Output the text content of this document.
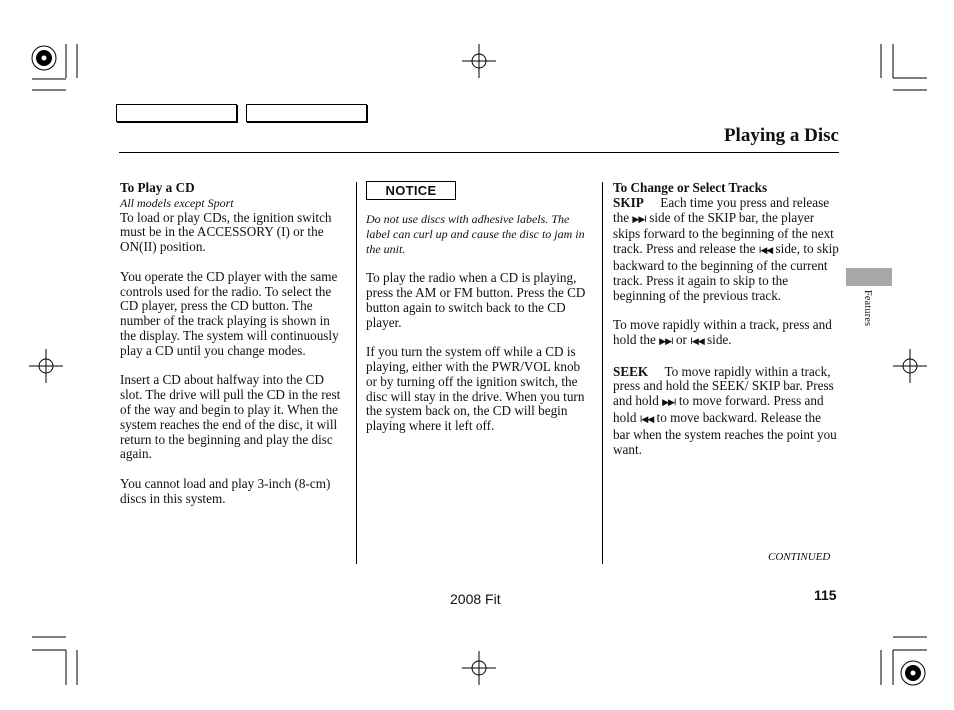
Playing a Disc
Features
To Play a CD
All models except Sport

To load or play CDs, the ignition switch must be in the ACCESSORY (I) or the ON(II) position.

You operate the CD player with the same controls used for the radio. To select the CD player, press the CD button. The number of the track playing is shown in the display. The system will continuously play a CD until you change modes.

Insert a CD about halfway into the CD slot. The drive will pull the CD in the rest of the way and begin to play it. When the system reaches the end of the disc, it will return to the beginning and play the disc again.

You cannot load and play 3-inch (8-cm) discs in this system.

NOTICE

Do not use discs with adhesive labels. The label can curl up and cause the disc to jam in the unit.

To play the radio when a CD is playing, press the AM or FM button. Press the CD button again to switch back to the CD player.

If you turn the system off while a CD is playing, either with the PWR/VOL knob or by turning off the ignition switch, the disc will stay in the drive. When you turn the system back on, the CD will begin playing where it left off.

To Change or Select Tracks

SKIP Each time you press and release the ▶▶I side of the SKIP bar, the player skips forward to the beginning of the next track. Press and release the I◀◀ side, to skip backward to the beginning of the current track. Press it again to skip to the beginning of the previous track.

To move rapidly within a track, press and hold the ▶▶I or I◀◀ side.

SEEK To move rapidly within a track, press and hold the SEEK/ SKIP bar. Press and hold ▶▶I to move forward. Press and hold I◀◀ to move backward. Release the bar when the system reaches the point you want.

CONTINUED
2008 Fit	115
